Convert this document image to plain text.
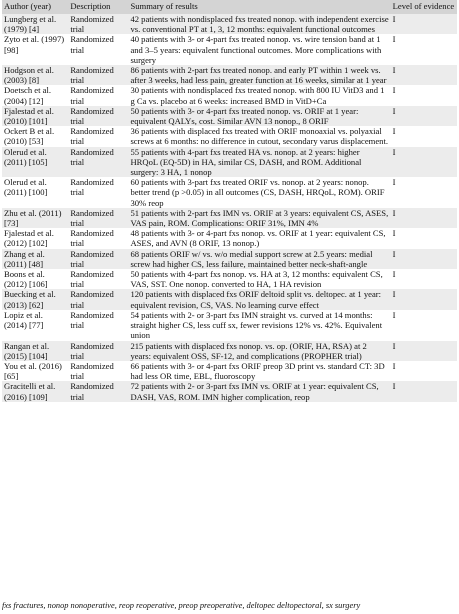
Author (year)	Description	Summary of results	Level of evidence
Lungberg et al. (1979) [4]	Randomized trial	42 patients with nondisplaced fxs treated nonop. with independent exercise vs. conventional PT at 1, 3, 12 months: equivalent functional outcomes	I
Zyto et al. (1997) [98]	Randomized trial	40 patients with 3- or 4-part fxs treated nonop. vs. wire tension band at 1 and 3–5 years: equivalent functional outcomes. More complications with surgery	I
Hodgson et al. (2003) [8]	Randomized trial	86 patients with 2-part fxs treated nonop. and early PT within 1 week vs. after 3 weeks, had less pain, greater function at 16 weeks, similar at 1 year	I
Doetsch et al. (2004) [12]	Randomized trial	30 patients with nondisplaced fxs treated nonop. with 800 IU VitD3 and 1 g Ca vs. placebo at 6 weeks: increased BMD in VitD+Ca	I
Fjalestad et al. (2010) [101]	Randomized trial	50 patients with 3- or 4-part fxs treated nonop. vs. ORIF at 1 year: equivalent QALYs, cost. Similar AVN 13 nonop., 8 ORIF	I
Ockert B et al. (2010) [53]	Randomized trial	36 patients with displaced fxs treated with ORIF monoaxial vs. polyaxial screws at 6 months: no difference in cutout, secondary varus displacement.	I
Olerud et al. (2011) [105]	Randomized trial	55 patients with 4-part fxs treated HA vs. nonop. at 2 years: higher HRQoL (EQ-5D) in HA, similar CS, DASH, and ROM. Additional surgery: 3 HA, 1 nonop	I
Olerud et al. (2011) [100]	Randomized trial	60 patients with 3-part fxs treated ORIF vs. nonop. at 2 years: nonop. better trend (p >0.05) in all outcomes (CS, DASH, HRQoL, ROM). ORIF 30% reop	I
Zhu et al. (2011) [73]	Randomized trial	51 patients with 2-part fxs IMN vs. ORIF at 3 years: equivalent CS, ASES, VAS pain, ROM. Complications: ORIF 31%, IMN 4%	I
Fjalestad et al. (2012) [102]	Randomized trial	48 patients with 3- or 4-part fxs nonop. vs. ORIF at 1 year: equivalent CS, ASES, and AVN (8 ORIF, 13 nonop.)	I
Zhang et al. (2011) [48]	Randomized trial	68 patients ORIF w/ vs. w/o medial support screw at 2.5 years: medial screw had higher CS, less failure, maintained better neck-shaft-angle	I
Boons et al. (2012) [106]	Randomized trial	50 patients with 4-part fxs nonop. vs. HA at 3, 12 months: equivalent CS, VAS, SST. One nonop. converted to HA, 1 HA revision	I
Buecking et al. (2013) [62]	Randomized trial	120 patients with displaced fxs ORIF deltoid split vs. deltopec. at 1 year: equivalent revision, CS, VAS. No learning curve effect	I
Lopiz et al. (2014) [77]	Randomized trial	54 patients with 2- or 3-part fxs IMN straight vs. curved at 14 months: straight higher CS, less cuff sx, fewer revisions 12% vs. 42%. Equivalent union	I
Rangan et al. (2015) [104]	Randomized trial	215 patients with displaced fxs nonop. vs. op. (ORIF, HA, RSA) at 2 years: equivalent OSS, SF-12, and complications (PROPHER trial)	I
You et al. (2016) [65]	Randomized trial	66 patients with 3- or 4-part fxs ORIF preop 3D print vs. standard CT: 3D had less OR time, EBL, fluoroscopy	I
Gracitelli et al. (2016) [109]	Randomized trial	72 patients with 2- or 3-part fxs IMN vs. ORIF at 1 year: equivalent CS, DASH, VAS, ROM. IMN higher complication, reop	I
fxs fractures, nonop nonoperative, reop reoperative, preop preoperative, deltopec deltopectoral, sx surgery
